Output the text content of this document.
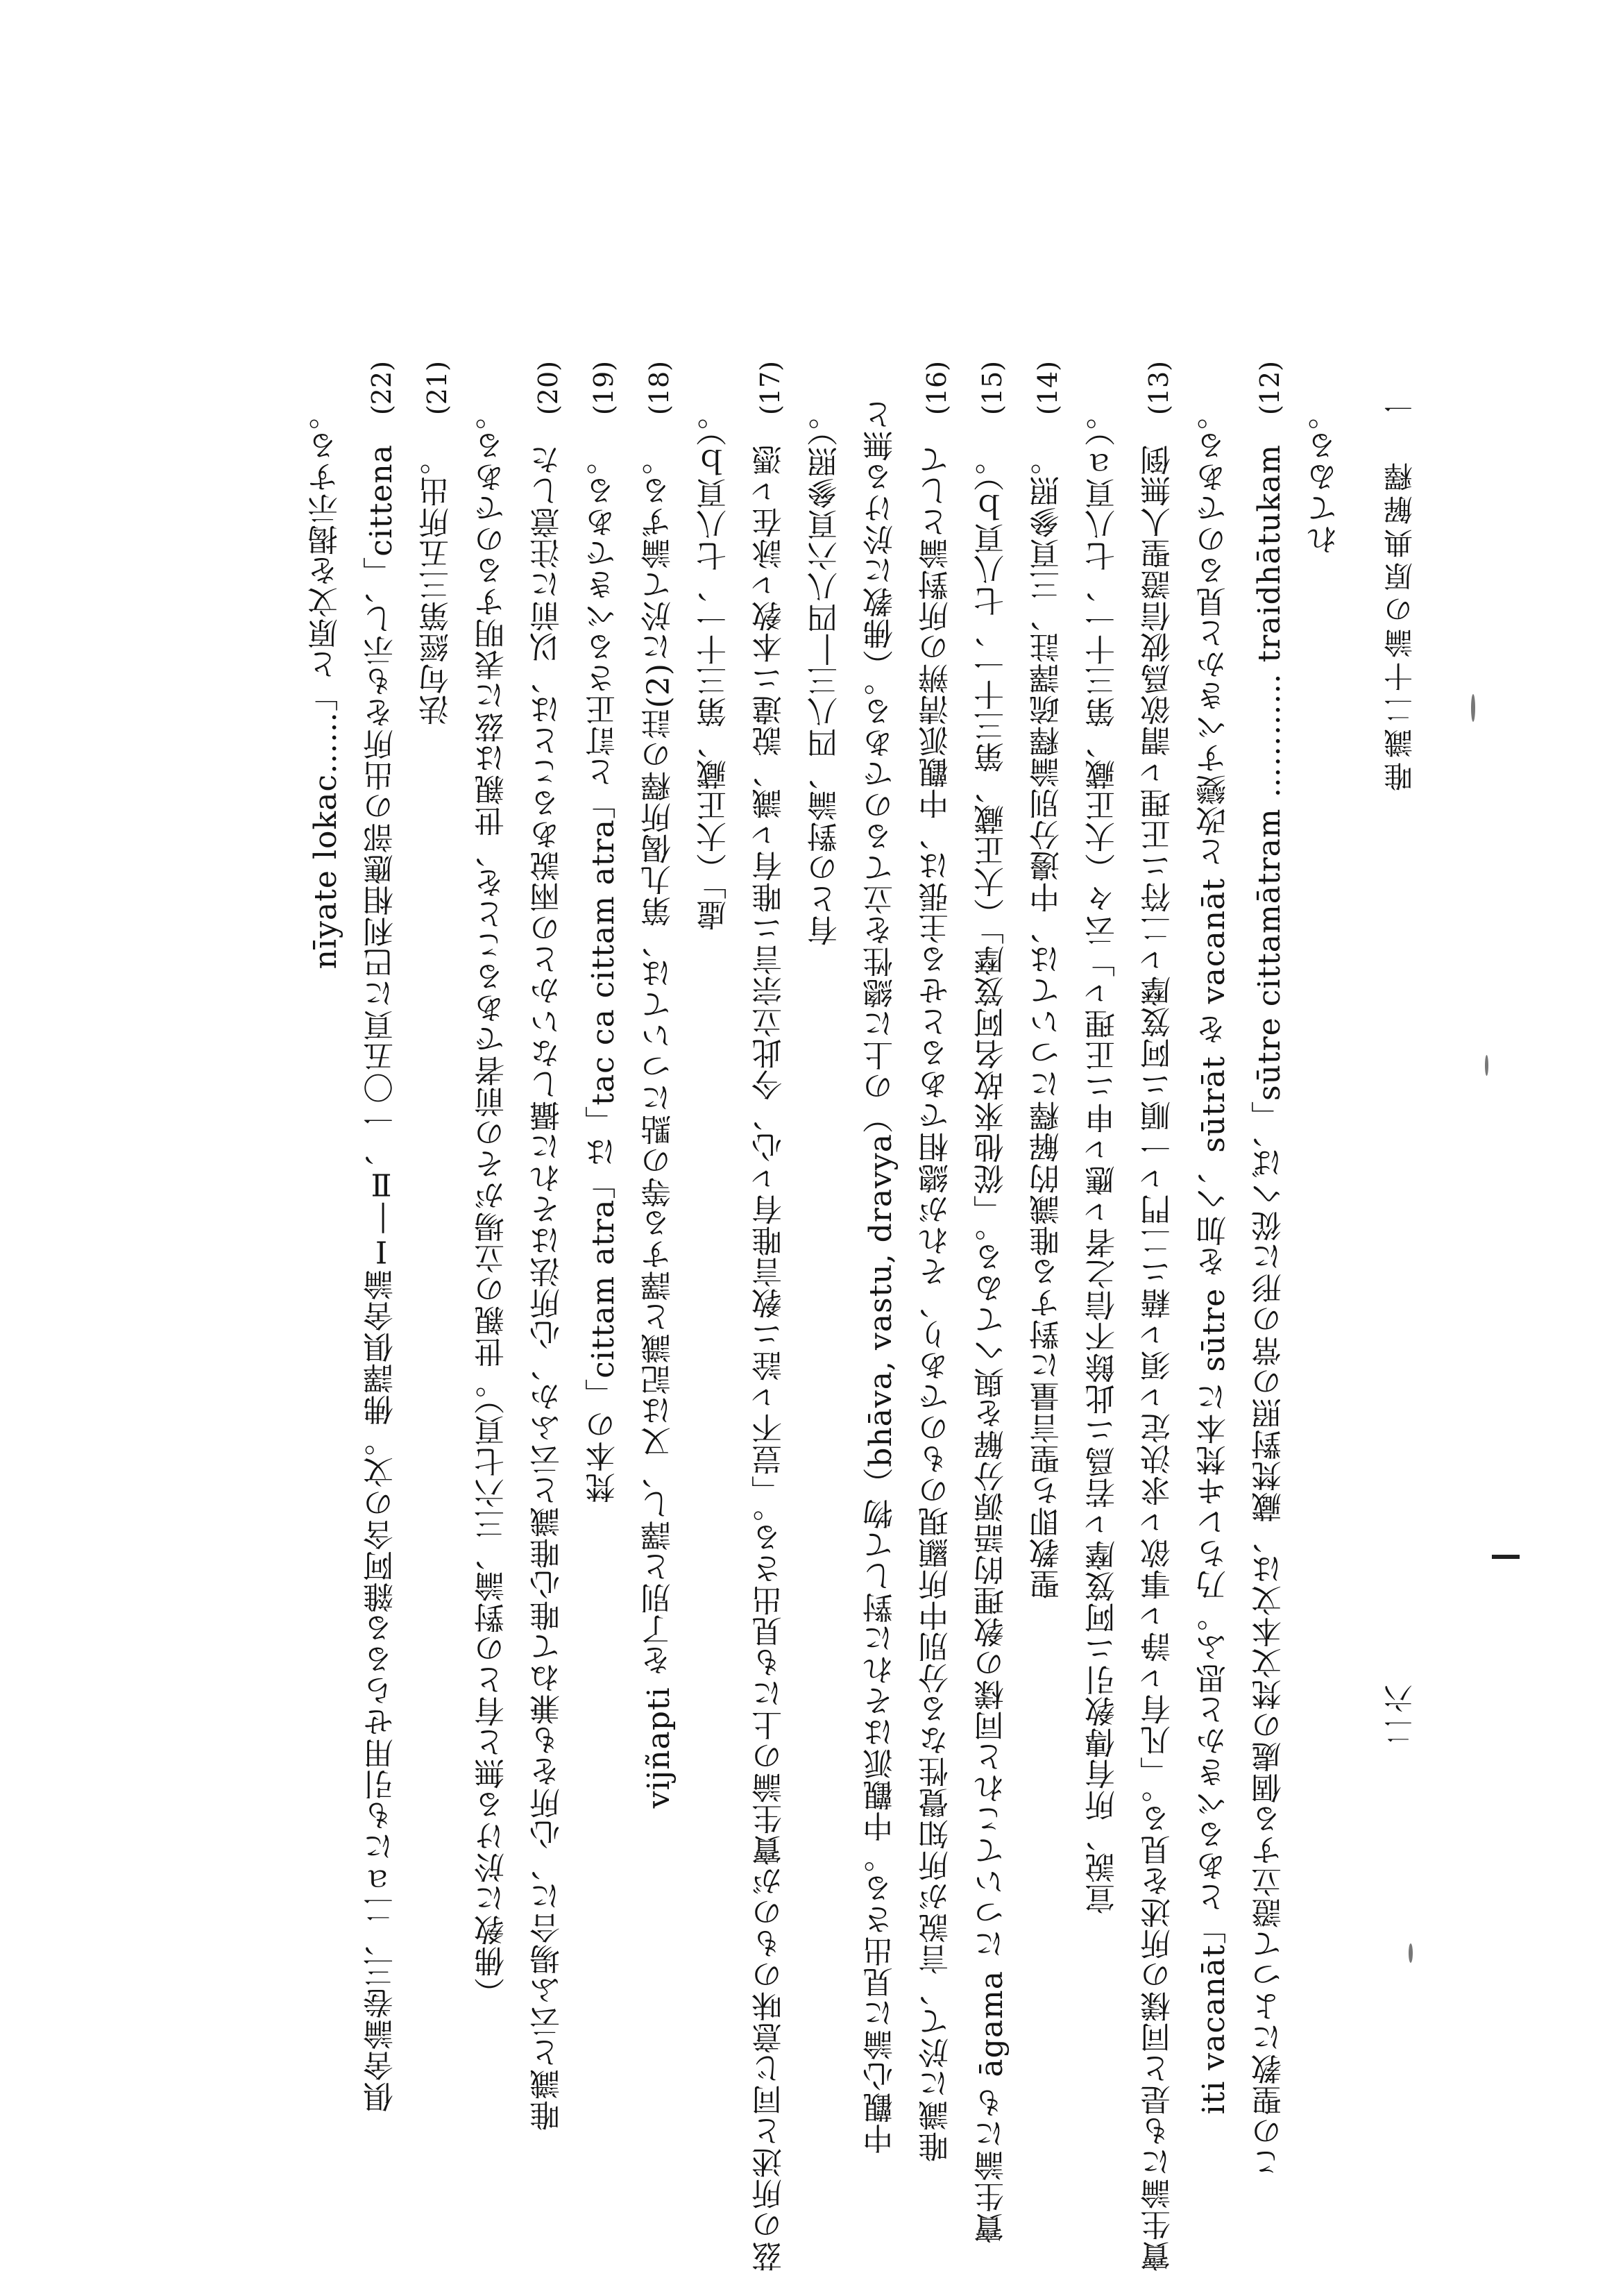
一
唯識二十論の原典解釋
二六
れてゐる。
(12)
この聖教によつて證立する個處の梵文本文は、藏梵對照の常の形に從へば、「sūtre cittamātram ………… traidhātukam
iti vacanāt」とあるべきかと思ふ。乃ちレヰ梵本に sūtre を加へ、sūtrāt を vacanāt と改變すべきかと見るのである。
(13)
寶生論にも是と同樣の所述を見る。「凡有ㇾ諍ㇾ事欲ㇾ求決定ㇾ須ㇾ藉ニ二門ㇾ一順ニ阿笈摩ㇾ二符ニ正理ㇾ謂欲爲彼信證聖人無倒
宣說、所有傳敎引ニ阿笈摩ㇾ若爲ニ此餘不信之者ㇾ應ㇾ申ニ正理ㇾ」云々（大正藏、第三十一、七八頁ａ）。
(14)
聖教即ち聖言量に對する唯識的解釋については、中邊分別論釋疏譯註、三頁參照。
(15)
寶生論にも āgama についてこれと同樣の敎理的語源分解を與へてゐる。「從他來故名阿笈摩」（大正藏、第三十一、七八頁ｂ）。
(16)
唯識に於て、言說が所知覺性なる分別中所顯現のものであり、それが總相であるとせる主張は、中觀派淸辨の所對論として
中觀心論に見出さる。中觀派はそれに對して物（bhāva, vastu, dravya）の上に總性を立てるのである。（佛教に於ける無と
有との對論、四八三―四八六頁參照）。
(17)
茲の所述と同じ意味のものが寶生論の上にも見出さる。「豈不ㇾ詮ニ敎言唯有ㇾ心、今此立宗言ニ唯有ㇾ識、說違ニ本敎ㇾ詠在ㇾ憑
虛」（大正藏、第三十一、七八頁ｂ）。
(18)
vijñapti を了別と譯し、又は記識と譯する等の點については、第九偈所釋の註(2)に於て論ずる。
(19)
梵本の「cittam atra」は「tac ca cittam atra」と訂正さるべきである。
(20)
唯識と云ふ場合に、心所をも兼ねて唯心唯識と云ふか、心所法はそれに攝しないかとの兩說あることは、以前に注意した
（佛敎に於ける無と有との對論、三六七頁）。世親の立場がその前者であることを、世親は茲に表明するのである。
(21)
法句經第三五所出。
(22)
俱舍論卷三、二ａにも引用せらるる雜阿含の文。佛譯俱舍論Ⅰ―Ⅱ、一〇五頁に巴利相應部の出所をも示し、「cittena
nīyate lokac……」と原文を揭示する。
